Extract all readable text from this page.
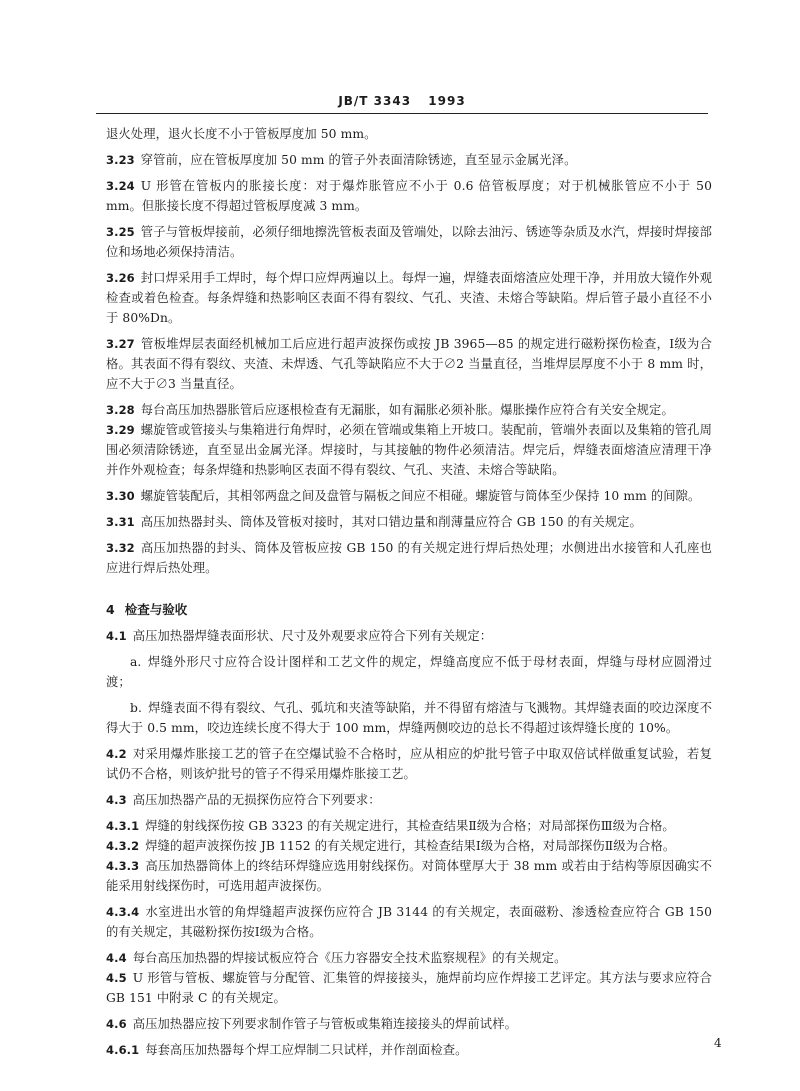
JB/T 3343 1993
退火处理，退火长度不小于管板厚度加 50 mm。
3.23 穿管前，应在管板厚度加 50 mm 的管子外表面清除锈迹，直至显示金属光泽。
3.24 U 形管在管板内的胀接长度：对于爆炸胀管应不小于 0.6 倍管板厚度；对于机械胀管应不小于 50 mm。但胀接长度不得超过管板厚度减 3 mm。
3.25 管子与管板焊接前，必须仔细地擦洗管板表面及管端处，以除去油污、锈迹等杂质及水汽，焊接时焊接部位和场地必须保持清洁。
3.26 封口焊采用手工焊时，每个焊口应焊两遍以上。每焊一遍，焊缝表面熔渣应处理干净，并用放大镜作外观检查或着色检查。每条焊缝和热影响区表面不得有裂纹、气孔、夹渣、未熔合等缺陷。焊后管子最小直径不小于 80%Dn。
3.27 管板堆焊层表面经机械加工后应进行超声波探伤或按 JB 3965—85 的规定进行磁粉探伤检查，Ⅰ级为合格。其表面不得有裂纹、夹渣、未焊透、气孔等缺陷应不大于∅2 当量直径，当堆焊层厚度不小于 8 mm 时，应不大于∅3 当量直径。
3.28 每台高压加热器胀管后应逐根检查有无漏胀，如有漏胀必须补胀。爆胀操作应符合有关安全规定。
3.29 螺旋管或管接头与集箱进行角焊时，必须在管端或集箱上开坡口。装配前，管端外表面以及集箱的管孔周围必须清除锈迹，直至显出金属光泽。焊接时，与其接触的物件必须清洁。焊完后，焊缝表面熔渣应清理干净并作外观检查；每条焊缝和热影响区表面不得有裂纹、气孔、夹渣、未熔合等缺陷。
3.30 螺旋管装配后，其相邻两盘之间及盘管与隔板之间应不相碰。螺旋管与筒体至少保持 10 mm 的间隙。
3.31 高压加热器封头、筒体及管板对接时，其对口错边量和削薄量应符合 GB 150 的有关规定。
3.32 高压加热器的封头、筒体及管板应按 GB 150 的有关规定进行焊后热处理；水侧进出水接管和人孔座也应进行焊后热处理。
4 检查与验收
4.1 高压加热器焊缝表面形状、尺寸及外观要求应符合下列有关规定：
a. 焊缝外形尺寸应符合设计图样和工艺文件的规定，焊缝高度应不低于母材表面，焊缝与母材应圆滑过渡；
b. 焊缝表面不得有裂纹、气孔、弧坑和夹渣等缺陷，并不得留有熔渣与飞溅物。其焊缝表面的咬边深度不得大于 0.5 mm，咬边连续长度不得大于 100 mm，焊缝两侧咬边的总长不得超过该焊缝长度的 10%。
4.2 对采用爆炸胀接工艺的管子在空爆试验不合格时，应从相应的炉批号管子中取双倍试样做重复试验，若复试仍不合格，则该炉批号的管子不得采用爆炸胀接工艺。
4.3 高压加热器产品的无损探伤应符合下列要求：
4.3.1 焊缝的射线探伤按 GB 3323 的有关规定进行，其检查结果Ⅱ级为合格；对局部探伤Ⅲ级为合格。
4.3.2 焊缝的超声波探伤按 JB 1152 的有关规定进行，其检查结果Ⅰ级为合格，对局部探伤Ⅱ级为合格。
4.3.3 高压加热器筒体上的终结环焊缝应选用射线探伤。对筒体壁厚大于 38 mm 或若由于结构等原因确实不能采用射线探伤时，可选用超声波探伤。
4.3.4 水室进出水管的角焊缝超声波探伤应符合 JB 3144 的有关规定，表面磁粉、渗透检查应符合 GB 150 的有关规定，其磁粉探伤按Ⅰ级为合格。
4.4 每台高压加热器的焊接试板应符合《压力容器安全技术监察规程》的有关规定。
4.5 U 形管与管板、螺旋管与分配管、汇集管的焊接接头，施焊前均应作焊接工艺评定。其方法与要求应符合 GB 151 中附录 C 的有关规定。
4.6 高压加热器应按下列要求制作管子与管板或集箱连接接头的焊前试样。
4.6.1 每套高压加热器每个焊工应焊制二只试样，并作剖面检查。	4
